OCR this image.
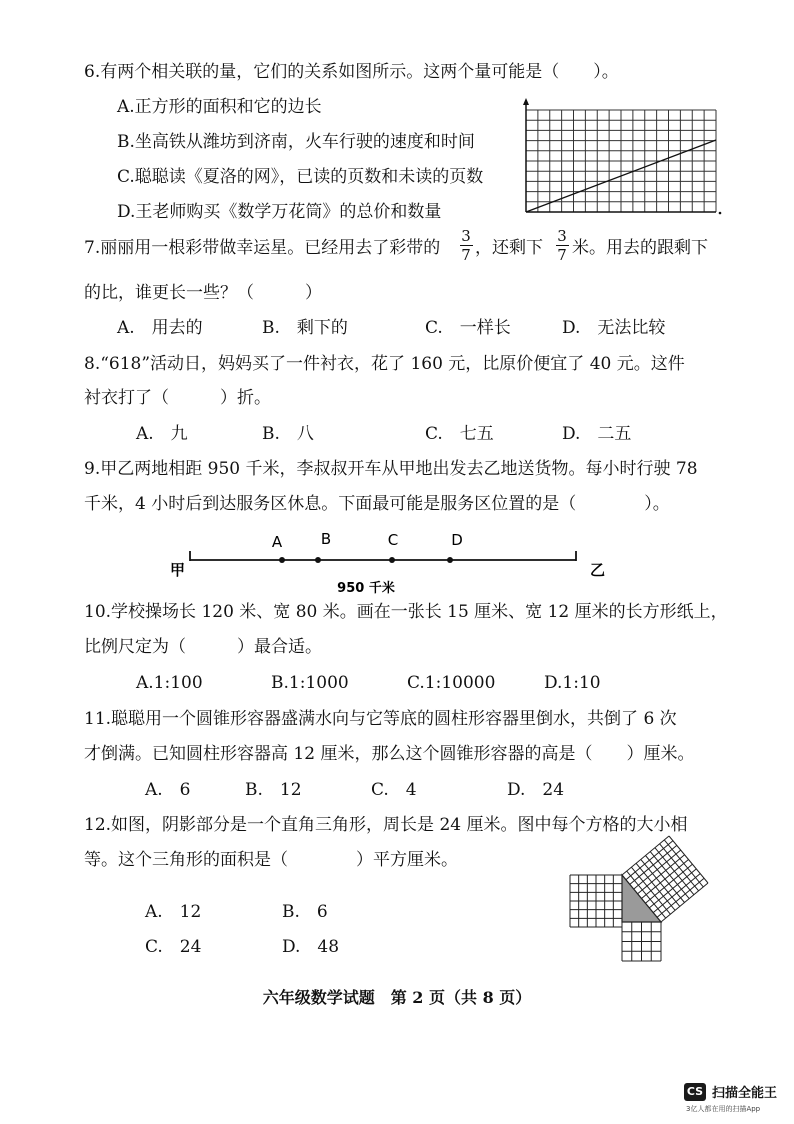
6.有两个相关联的量，它们的关系如图所示。这两个量可能是（　　）。
A.正方形的面积和它的边长
B.坐高铁从潍坊到济南，火车行驶的速度和时间
C.聪聪读《夏洛的网》，已读的页数和未读的页数
D.王老师购买《数学万花筒》的总价和数量
7.丽丽用一根彩带做幸运星。已经用去了彩带的
3
7 ，还剩下
3
7 米。用去的跟剩下
的比，谁更长一些？（　　　）
A.　用去的	B.　剩下的	C.　一样长	D.　无法比较
8.“618”活动日，妈妈买了一件衬衣，花了 160 元，比原价便宜了 40 元。这件
衬衣打了（　　　）折。
A.　九	B.　八	C.　七五	D.　二五
9.甲乙两地相距 950 千米，李叔叔开车从甲地出发去乙地送货物。每小时行驶 78
千米，4 小时后到达服务区休息。下面最可能是服务区位置的是（　　　　）。
甲	乙
950 千米
A	B	C	D
10.学校操场长 120 米、宽 80 米。画在一张长 15 厘米、宽 12 厘米的长方形纸上，
比例尺定为（　　　）最合适。
A.1:100	B.1:1000	C.1:10000	D.1:10
11.聪聪用一个圆锥形容器盛满水向与它等底的圆柱形容器里倒水，共倒了 6 次
才倒满。已知圆柱形容器高 12 厘米，那么这个圆锥形容器的高是（　　）厘米。
A.　6	B.　12	C.　4	D.　24
12.如图，阴影部分是一个直角三角形，周长是 24 厘米。图中每个方格的大小相
等。这个三角形的面积是（　　　　）平方厘米。
A.　12	B.　6
C.　24	D.　48
六年级数学试题　第 2 页（共 8 页）
CS 扫描全能王
3亿人都在用的扫描App
